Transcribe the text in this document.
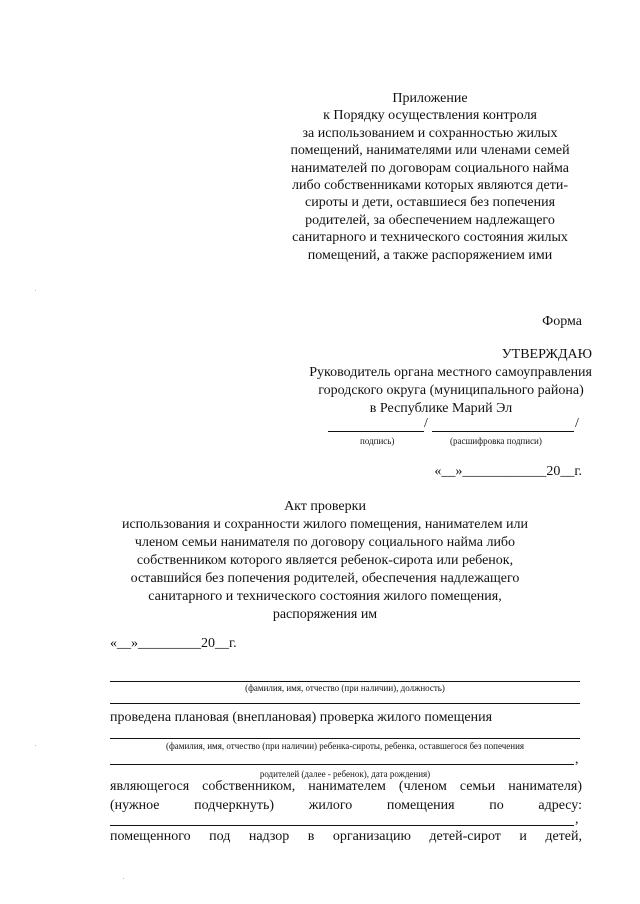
Приложение
к Порядку осуществления контроля
за использованием и сохранностью жилых
помещений, нанимателями или членами семей
нанимателей по договорам социального найма
либо собственниками которых являются дети-
сироты и дети, оставшиеся без попечения
родителей, за обеспечением надлежащего
санитарного и технического состояния жилых
помещений, а также распоряжением ими
Форма
УТВЕРЖДАЮ
Руководитель органа местного самоуправления
городского округа (муниципального района)
в Республике Марий Эл
/	/
подпись)	(расшифровка подписи)
«__»____________20__г.
Акт проверки
использования и сохранности жилого помещения, нанимателем или
членом семьи нанимателя по договору социального найма либо
собственником которого является ребенок-сирота или ребенок,
оставшийся без попечения родителей, обеспечения надлежащего
санитарного и технического состояния жилого помещения,
распоряжения им
«__»_________20__г.
(фамилия, имя, отчество (при наличии), должность)
проведена плановая (внеплановая) проверка жилого помещения
(фамилия, имя, отчество (при наличии) ребенка-сироты, ребенка, оставшегося без попечения
,
родителей (далее - ребенок), дата рождения)
являющегося собственником, нанимателем (членом семьи нанимателя)
(нужное подчеркнуть) жилого помещения по адресу:
,
помещенного под надзор в организацию детей-сирот и детей,
